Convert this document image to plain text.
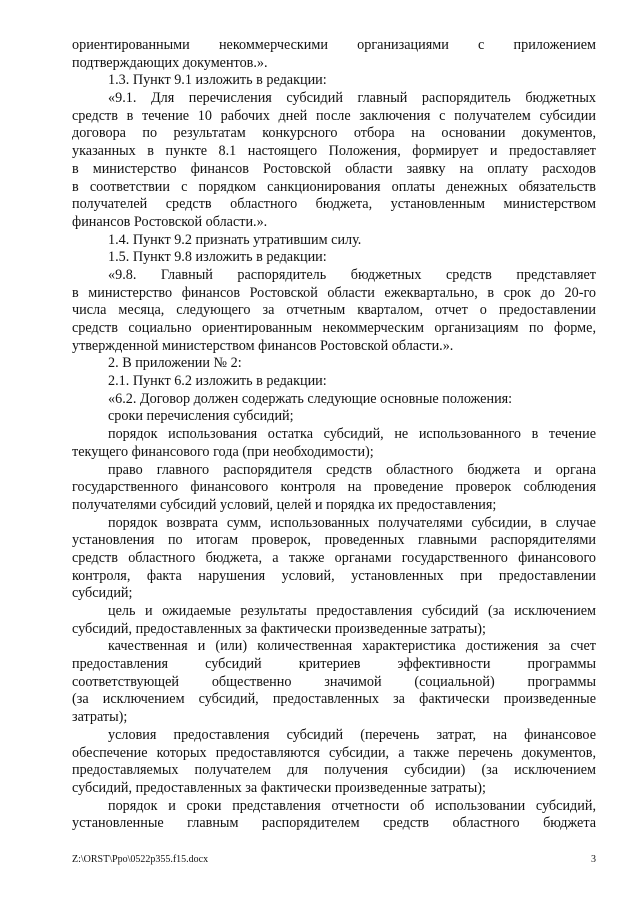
ориентированными некоммерческими организациями с приложением
подтверждающих документов.».
1.3. Пункт 9.1 изложить в редакции:
«9.1. Для перечисления субсидий главный распорядитель бюджетных
средств в течение 10 рабочих дней после заключения с получателем субсидии
договора по результатам конкурсного отбора на основании документов,
указанных в пункте 8.1 настоящего Положения, формирует и предоставляет
в министерство финансов Ростовской области заявку на оплату расходов
в соответствии с порядком санкционирования оплаты денежных обязательств
получателей средств областного бюджета, установленным министерством
финансов Ростовской области.».
1.4. Пункт 9.2 признать утратившим силу.
1.5. Пункт 9.8 изложить в редакции:
«9.8. Главный распорядитель бюджетных средств представляет
в министерство финансов Ростовской области ежеквартально, в срок до 20-го
числа месяца, следующего за отчетным кварталом, отчет о предоставлении
средств социально ориентированным некоммерческим организациям по форме,
утвержденной министерством финансов Ростовской области.».
2. В приложении № 2:
2.1. Пункт 6.2 изложить в редакции:
«6.2. Договор должен содержать следующие основные положения:
сроки перечисления субсидий;
порядок использования остатка субсидий, не использованного в течение
текущего финансового года (при необходимости);
право главного распорядителя средств областного бюджета и органа
государственного финансового контроля на проведение проверок соблюдения
получателями субсидий условий, целей и порядка их предоставления;
порядок возврата сумм, использованных получателями субсидии, в случае
установления по итогам проверок, проведенных главными распорядителями
средств областного бюджета, а также органами государственного финансового
контроля, факта нарушения условий, установленных при предоставлении
субсидий;
цель и ожидаемые результаты предоставления субсидий (за исключением
субсидий, предоставленных за фактически произведенные затраты);
качественная и (или) количественная характеристика достижения за счет
предоставления субсидий критериев эффективности программы
соответствующей общественно значимой (социальной) программы
(за исключением субсидий, предоставленных за фактически произведенные
затраты);
условия предоставления субсидий (перечень затрат, на финансовое
обеспечение которых предоставляются субсидии, а также перечень документов,
предоставляемых получателем для получения субсидии) (за исключением
субсидий, предоставленных за фактически произведенные затраты);
порядок и сроки представления отчетности об использовании субсидий,
установленные главным распорядителем средств областного бюджета
Z:\ORST\Ppo\0522p355.f15.docx	3
